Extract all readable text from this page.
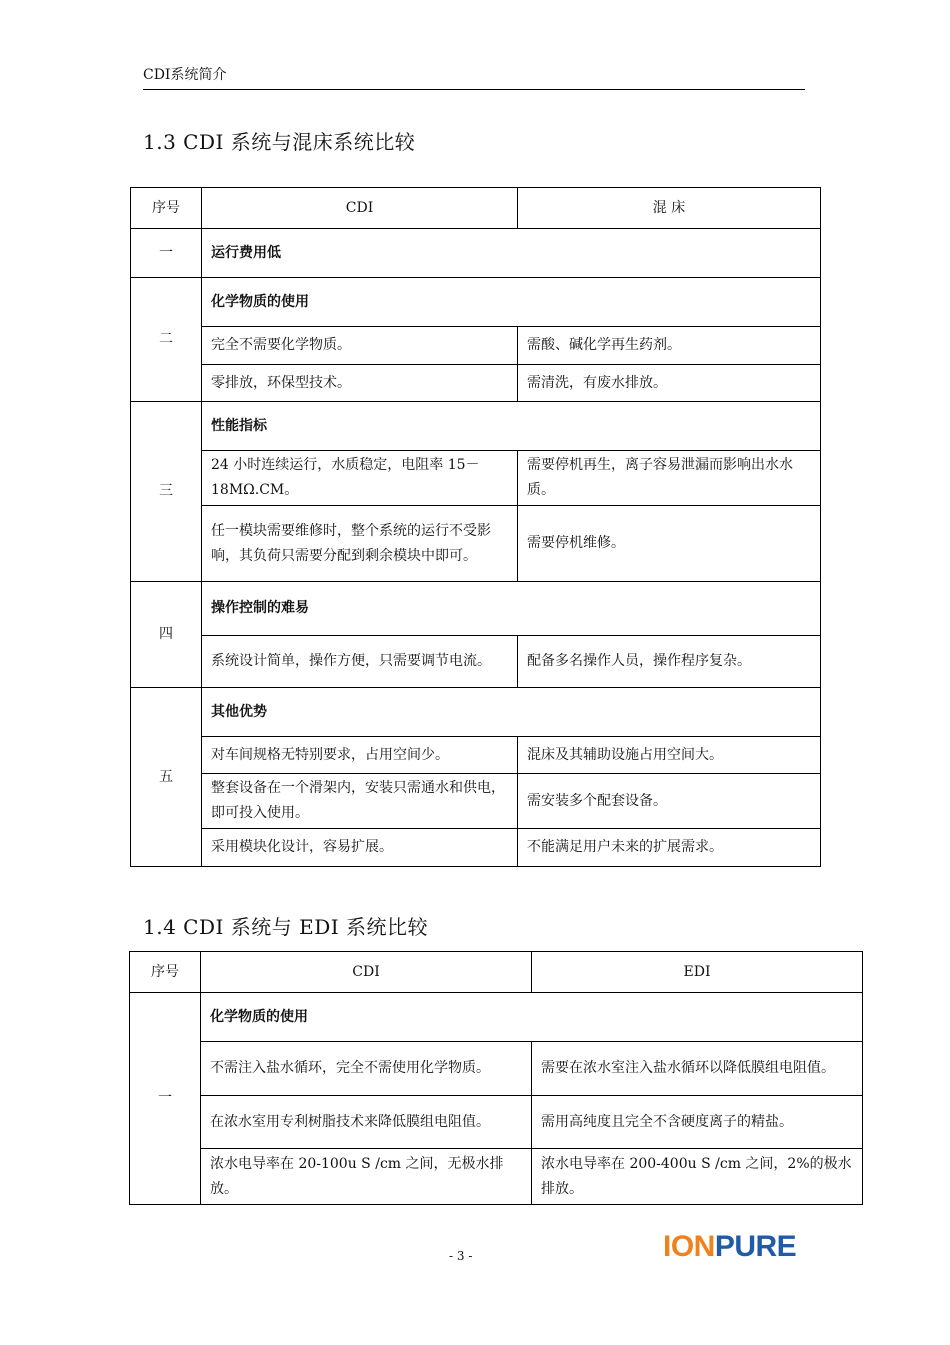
CDI系统简介
1.3 CDI 系统与混床系统比较
序号	CDI	混 床
一	运行费用低	
二	化学物质的使用	
	完全不需要化学物质。	需酸、碱化学再生药剂。
	零排放，环保型技术。	需清洗，有废水排放。
三	性能指标	
	24 小时连续运行，水质稳定，电阻率 15－18MΩ.CM。	需要停机再生，离子容易泄漏而影响出水水质。
	任一模块需要维修时，整个系统的运行不受影响，其负荷只需要分配到剩余模块中即可。	需要停机维修。
四	操作控制的难易	
	系统设计简单，操作方便，只需要调节电流。	配备多名操作人员，操作程序复杂。
五	其他优势	
	对车间规格无特别要求，占用空间少。	混床及其辅助设施占用空间大。
	整套设备在一个滑架内，安装只需通水和供电，即可投入使用。	需安装多个配套设备。
	采用模块化设计，容易扩展。	不能满足用户未来的扩展需求。
1.4 CDI 系统与 EDI 系统比较
序号	CDI	EDI
一	化学物质的使用	
	不需注入盐水循环，完全不需使用化学物质。	需要在浓水室注入盐水循环以降低膜组电阻值。
	在浓水室用专利树脂技术来降低膜组电阻值。	需用高纯度且完全不含硬度离子的精盐。
	浓水电导率在 20-100u S /cm 之间，无极水排放。	浓水电导率在 200-400u S /cm 之间，2%的极水排放。
- 3 -	IONPURE
